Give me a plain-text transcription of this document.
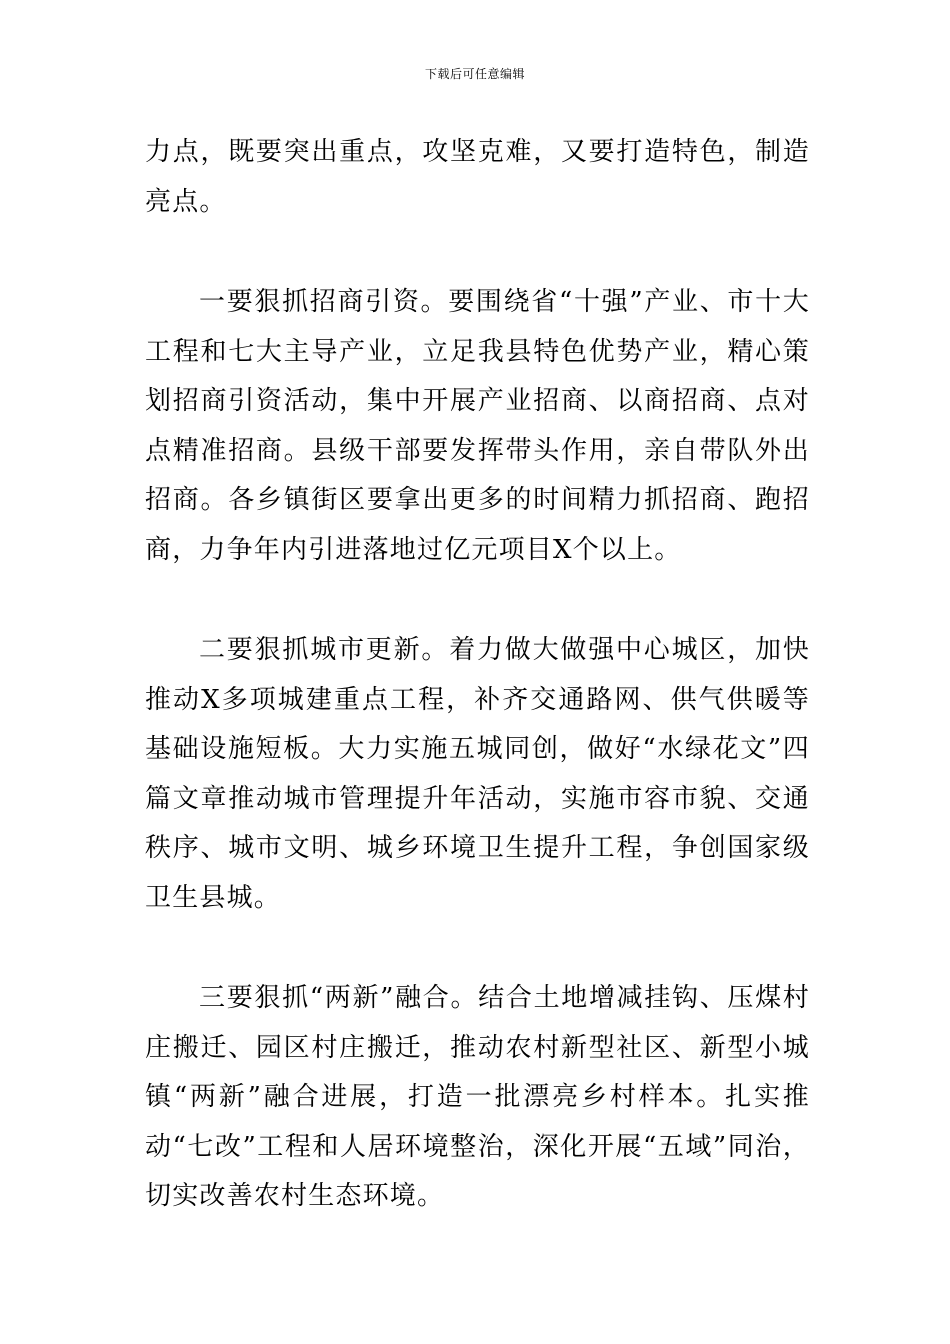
下载后可任意编辑

力点，既要突出重点，攻坚克难，又要打造特色，制造亮点。

一要狠抓招商引资。要围绕省“十强”产业、市十大工程和七大主导产业，立足我县特色优势产业，精心策划招商引资活动，集中开展产业招商、以商招商、点对点精准招商。县级干部要发挥带头作用，亲自带队外出招商。各乡镇街区要拿出更多的时间精力抓招商、跑招商，力争年内引进落地过亿元项目X个以上。

二要狠抓城市更新。着力做大做强中心城区，加快推动X多项城建重点工程，补齐交通路网、供气供暖等基础设施短板。大力实施五城同创，做好“水绿花文”四篇文章推动城市管理提升年活动，实施市容市貌、交通秩序、城市文明、城乡环境卫生提升工程，争创国家级卫生县城。

三要狠抓“两新”融合。结合土地增减挂钩、压煤村庄搬迁、园区村庄搬迁，推动农村新型社区、新型小城镇“两新”融合进展，打造一批漂亮乡村样本。扎实推动“七改”工程和人居环境整治，深化开展“五域”同治，切实改善农村生态环境。
